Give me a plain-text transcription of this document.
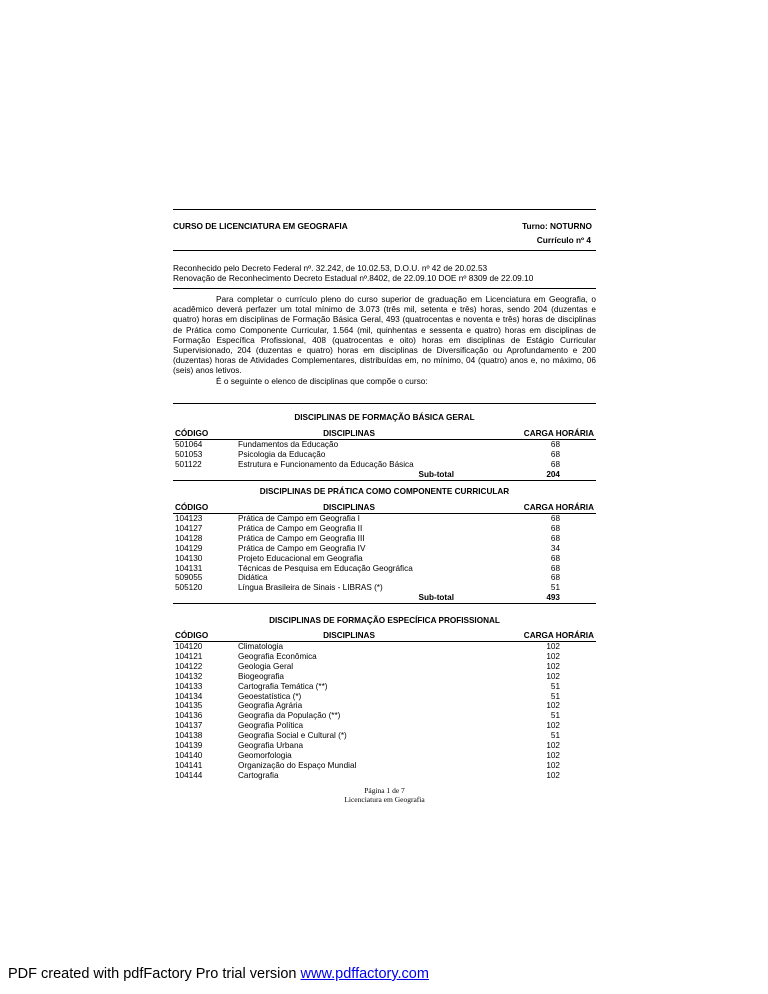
CURSO DE LICENCIATURA EM GEOGRAFIA	Turno: NOTURNO
Currículo nº 4
Reconhecido pelo Decreto Federal nº. 32.242, de 10.02.53, D.O.U. nº 42 de 20.02.53
Renovação de Reconhecimento Decreto Estadual nº.8402, de 22.09.10 DOE nº 8309 de 22.09.10

Para completar o currículo pleno do curso superior de graduação em Licenciatura em Geografia, o acadêmico deverá perfazer um total mínimo de 3.073 (três mil, setenta e três) horas, sendo 204 (duzentas e quatro) horas em disciplinas de Formação Básica Geral, 493 (quatrocentas e noventa e três) horas de disciplinas de Prática como Componente Curricular, 1.564 (mil, quinhentas e sessenta e quatro) horas em disciplinas de Formação Específica Profissional, 408 (quatrocentas e oito) horas em disciplinas de Estágio Curricular Supervisionado, 204 (duzentas e quatro) horas em disciplinas de Diversificação ou Aprofundamento e 200 (duzentas) horas de Atividades Complementares, distribuídas em, no mínimo, 04 (quatro) anos e, no máximo, 06 (seis) anos letivos.

É o seguinte o elenco de disciplinas que compõe o curso:

DISCIPLINAS DE FORMAÇÃO BÁSICA GERAL
CÓDIGO	DISCIPLINAS	CARGA HORÁRIA
501064	Fundamentos da Educação	68
501053	Psicologia da Educação	68
501122	Estrutura e Funcionamento da Educação Básica	68
Sub-total		204
DISCIPLINAS DE PRÁTICA COMO COMPONENTE CURRICULAR
CÓDIGO	DISCIPLINAS	CARGA HORÁRIA
104123	Prática de Campo em Geografia I	68
104127	Prática de Campo em Geografia II	68
104128	Prática de Campo em Geografia III	68
104129	Prática de Campo em Geografia IV	34
104130	Projeto Educacional em Geografia	68
104131	Técnicas de Pesquisa em Educação Geográfica	68
509055	Didática	68
505120	Língua Brasileira de Sinais - LIBRAS (*)	51
Sub-total		493
DISCIPLINAS DE FORMAÇÃO ESPECÍFICA PROFISSIONAL
CÓDIGO	DISCIPLINAS	CARGA HORÁRIA
104120	Climatologia	102
104121	Geografia Econômica	102
104122	Geologia Geral	102
104132	Biogeografia	102
104133	Cartografia Temática (**)	51
104134	Geoestatística (*)	51
104135	Geografia Agrária	102
104136	Geografia da População (**)	51
104137	Geografia Política	102
104138	Geografia Social e Cultural (*)	51
104139	Geografia Urbana	102
104140	Geomorfologia	102
104141	Organização do Espaço Mundial	102
104144	Cartografia	102
Página 1 de 7
Licenciatura em Geografia
PDF created with pdfFactory Pro trial version www.pdffactory.com
